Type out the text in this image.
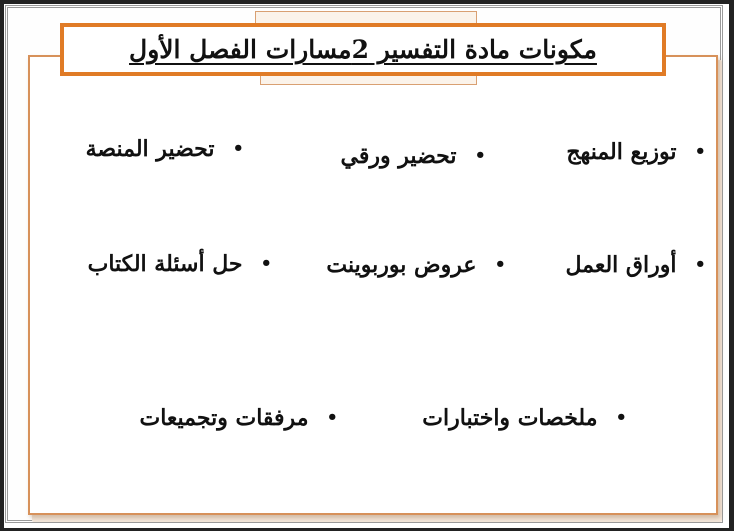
مكونات مادة التفسير 2مسارات الفصل الأول
•
توزيع المنهج
•
تحضير ورقي
•
تحضير المنصة
•
أوراق العمل
•
عروض بوربوينت
•
حل أسئلة الكتاب
•
ملخصات واختبارات
•
مرفقات وتجميعات
